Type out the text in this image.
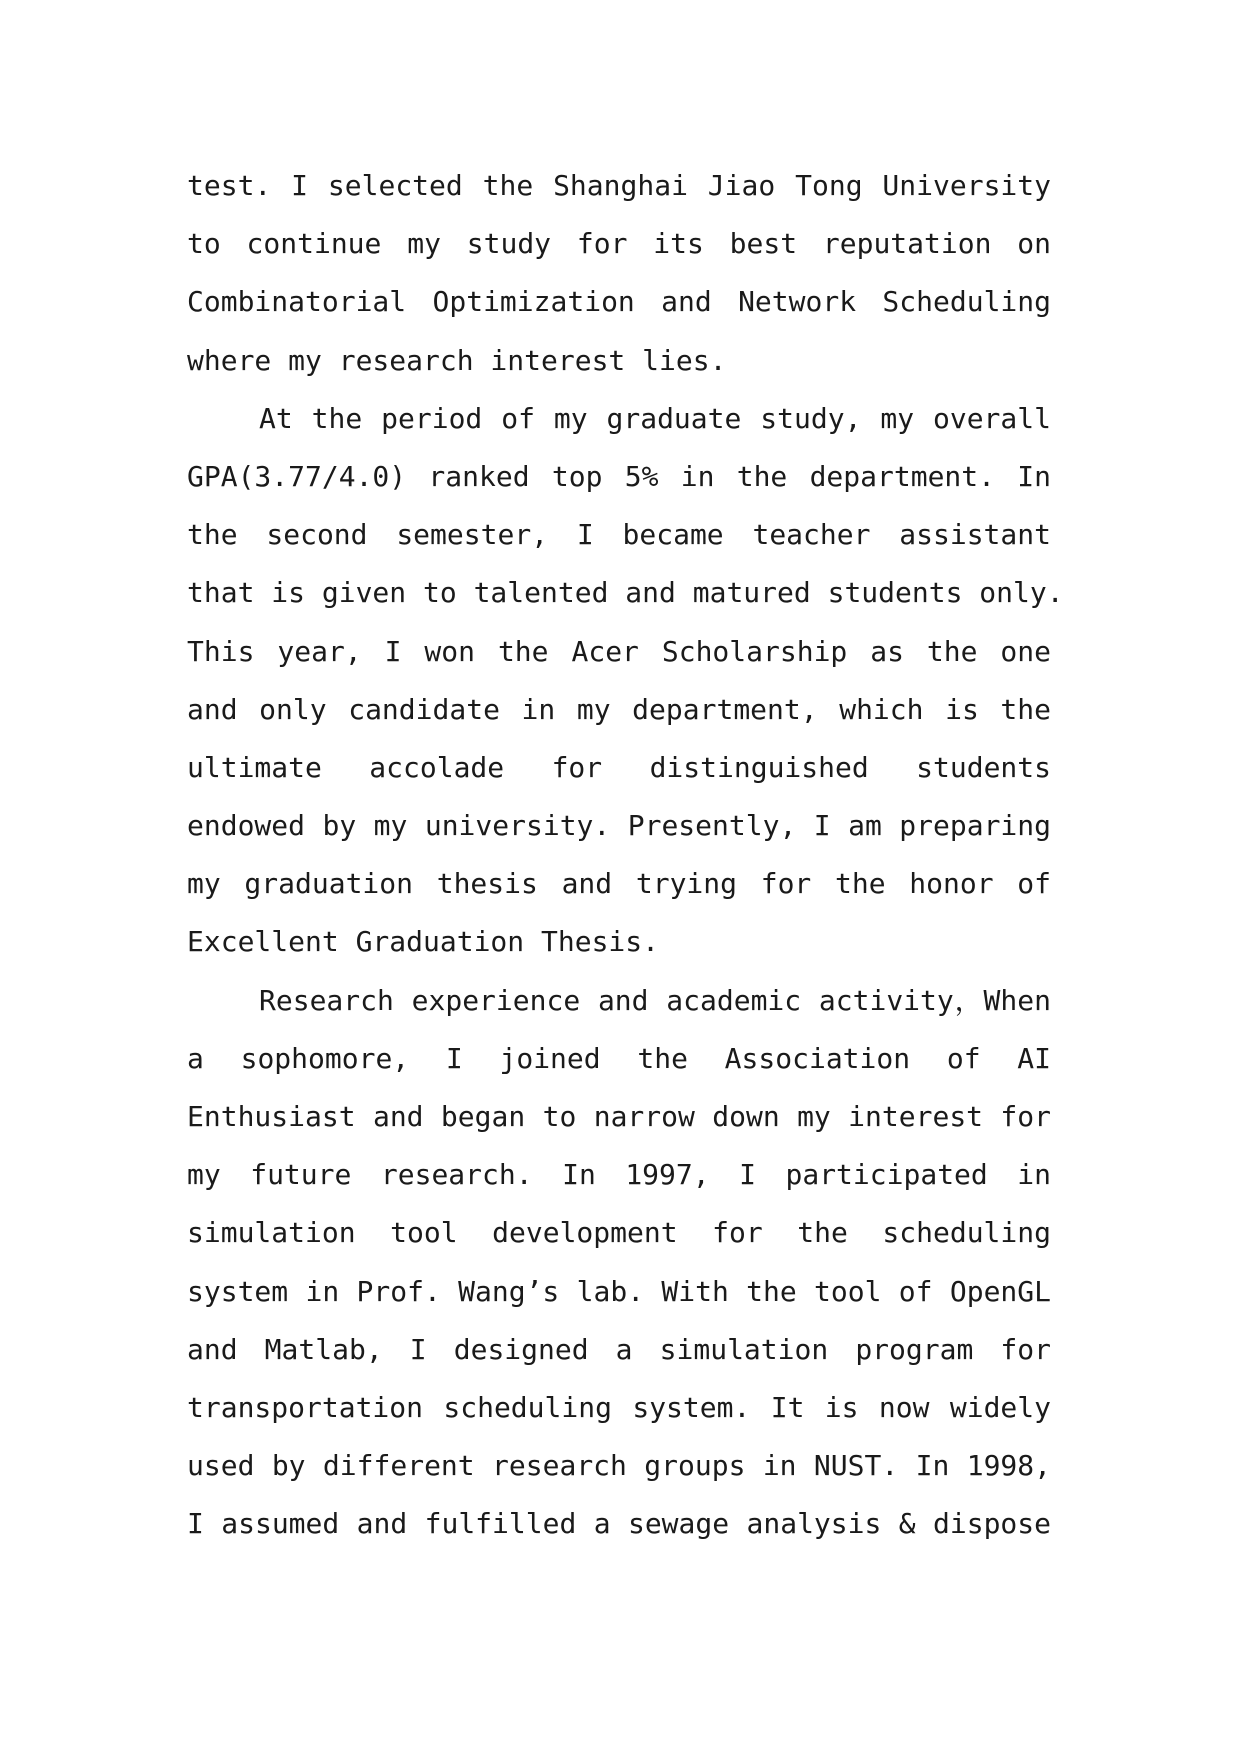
test. I selected the Shanghai Jiao Tong University
to continue my study for its best reputation on
Combinatorial Optimization and Network Scheduling
where my research interest lies.
At the period of my graduate study, my overall
GPA(3.77/4.0) ranked top 5% in the department. In
the second semester, I became teacher assistant
that is given to talented and matured students only.
This year, I won the Acer Scholarship as the one
and only candidate in my department, which is the
ultimate accolade for distinguished students
endowed by my university. Presently, I am preparing
my graduation thesis and trying for the honor of
Excellent Graduation Thesis.
Research experience and academic activity，When
a sophomore, I joined the Association of AI
Enthusiast and began to narrow down my interest for
my future research. In 1997, I participated in
simulation tool development for the scheduling
system in Prof. Wang’s lab. With the tool of OpenGL
and Matlab, I designed a simulation program for
transportation scheduling system. It is now widely
used by different research groups in NUST. In 1998,
I assumed and fulfilled a sewage analysis & dispose
